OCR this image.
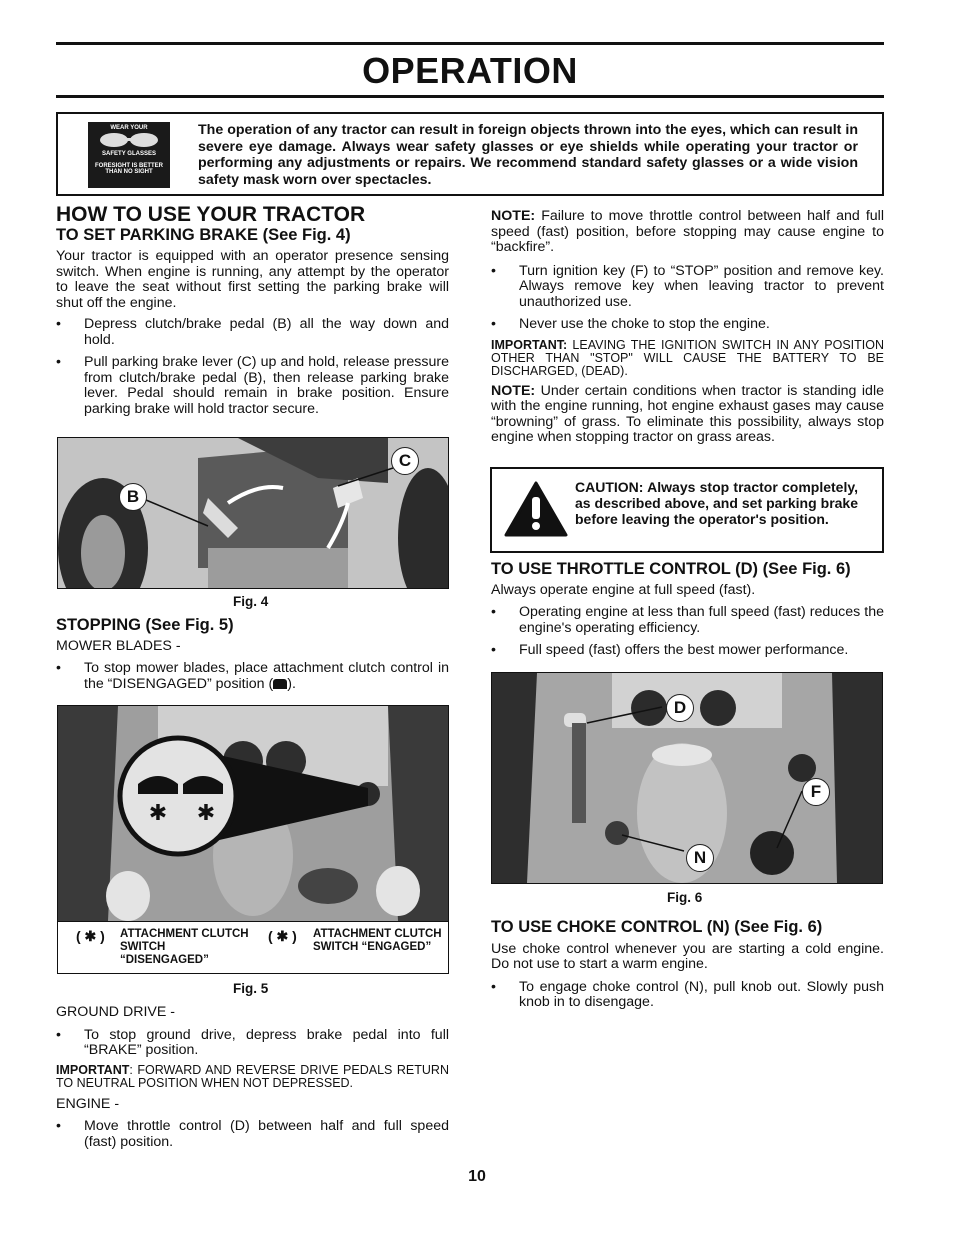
OPERATION
WEAR YOUR
SAFETY GLASSES
FORESIGHT IS BETTER THAN NO SIGHT
The operation of any tractor can result in foreign objects thrown into the eyes, which can result in severe eye damage. Always wear safety glasses or eye shields while operating your tractor or performing any adjustments or repairs. We recommend standard safety glasses or a wide vision safety mask worn over spectacles.

HOW TO USE YOUR TRACTOR

TO SET PARKING BRAKE (See Fig. 4)

Your tractor is equipped with an operator presence sensing switch. When engine is running, any attempt by the operator to leave the seat without first setting the parking brake will shut off the engine.

• Depress clutch/brake pedal (B) all the way down and hold.

• Pull parking brake lever (C) up and hold, release pressure from clutch/brake pedal (B), then release parking brake lever. Pedal should remain in brake position. Ensure parking brake will hold tractor secure.

B
C
Fig. 4

STOPPING (See Fig. 5)

MOWER BLADES -

• To stop mower blades, place attachment clutch control in the “DISENGAGED” position ( ).

✱ ✱
( ✱ ) ATTACHMENT CLUTCH SWITCH “DISENGAGED”
( ✱ ) ATTACHMENT CLUTCH SWITCH “ENGAGED”
Fig. 5

GROUND DRIVE -

• To stop ground drive, depress brake pedal into full “BRAKE” position.

IMPORTANT: FORWARD AND REVERSE DRIVE PEDALS RETURN TO NEUTRAL POSITION WHEN NOT DEPRESSED.

ENGINE -

• Move throttle control (D) between half and full speed (fast) position.

NOTE: Failure to move throttle control between half and full speed (fast) position, before stopping may cause engine to “backfire”.

• Turn ignition key (F) to “STOP” position and remove key. Always remove key when leaving tractor to prevent unauthorized use.

• Never use the choke to stop the engine.

IMPORTANT: LEAVING THE IGNITION SWITCH IN ANY POSITION OTHER THAN "STOP" WILL CAUSE THE BATTERY TO BE DISCHARGED, (DEAD).

NOTE: Under certain conditions when tractor is standing idle with the engine running, hot engine exhaust gases may cause “browning” of grass. To eliminate this possibility, always stop engine when stopping tractor on grass areas.

CAUTION: Always stop tractor completely, as described above, and set parking brake before leaving the operator's position.

TO USE THROTTLE CONTROL (D) (See Fig. 6)

Always operate engine at full speed (fast).

• Operating engine at less than full speed (fast) reduces the engine's operating efficiency.

• Full speed (fast) offers the best mower performance.

D
F
N
Fig. 6

TO USE CHOKE CONTROL (N) (See Fig. 6)

Use choke control whenever you are starting a cold engine. Do not use to start a warm engine.

• To engage choke control (N), pull knob out. Slowly push knob in to disengage.

10
